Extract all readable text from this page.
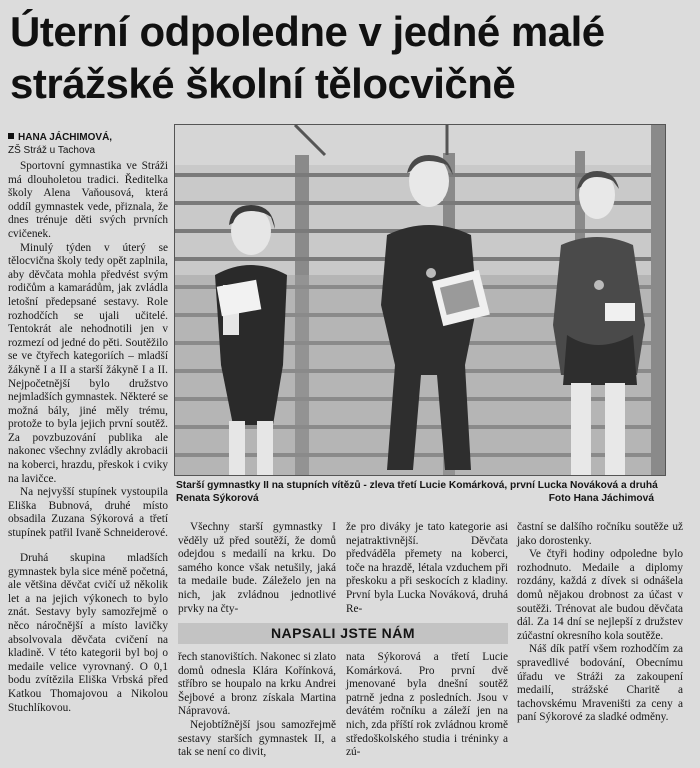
Úterní odpoledne v jedné malé strážské školní tělocvičně
HANA JÁCHIMOVÁ,
ZŠ Stráž u Tachova

Sportovní gymnastika ve Stráži má dlouholetou tradici. Ředitelka školy Alena Vaňousová, která oddíl gymnastek vede, přiznala, že dnes trénuje děti svých prvních cvičenek.

Minulý týden v úterý se tělocvična školy tedy opět zaplnila, aby děvčata mohla předvést svým rodičům a kamarádům, jak zvládla letošní předepsané sestavy. Role rozhodčích se ujali učitelé. Tentokrát ale nehodnotili jen v rozmezí od jedné do pěti. Soutěžilo se ve čtyřech kategoriích – mladší žákyně I a II a starší žákyně I a II. Nejpočetnější bylo družstvo nejmladších gymnastek. Některé se možná bály, jiné měly trému, protože to byla jejich první soutěž. Za povzbuzování publika ale nakonec všechny zvládly akrobacii na koberci, hrazdu, přeskok i cviky na lavičce.

Na nejvyšší stupínek vystoupila Eliška Bubnová, druhé místo obsadila Zuzana Sýkorová a třetí stupínek patřil Ivaně Schneiderové.

Druhá skupina mladších gymnastek byla sice méně početná, ale většina děvčat cvičí už několik let a na jejich výkonech to bylo znát. Sestavy byly samozřejmě o něco náročnější a místo lavičky absolvovala děvčata cvičení na kladině. V této kategorii byl boj o medaile velice vyrovnaný. O 0,1 bodu zvítězila Eliška Vrbská před Katkou Thomajovou a Nikolou Stuchlíkovou.

Starší gymnastky II na stupních vítězů - zleva třetí Lucie Komárková, první Lucka Nováková a druhá
Foto Hana Jáchimová
Renata Sýkorová

Všechny starší gymnastky I věděly už před soutěží, že domů odejdou s medailí na krku. Do samého konce však netušily, jaká ta medaile bude. Záleželo jen na nich, jak zvládnou jednotlivé prvky na čty-

že pro diváky je tato kategorie asi nejatraktivnější. Děvčata předváděla přemety na koberci, toče na hrazdě, létala vzduchem při přeskoku a při seskocích z kladiny. První byla Lucka Nováková, druhá Re-

častní se dalšího ročníku soutěže už jako dorostenky.

Ve čtyři hodiny odpoledne bylo rozhodnuto. Medaile a diplomy rozdány, každá z dívek si odnášela domů nějakou drobnost za účast v soutěži. Trénovat ale budou děvčata dál. Za 14 dní se nejlepší z družstev zúčastní okresního kola soutěže.

Náš dík patří všem rozhodčím za spravedlivé bodování, Obecnímu úřadu ve Stráži za zakoupení medailí, strážské Charitě a tachovskému Mraveništi za ceny a paní Sýkorové za sladké odměny.

NAPSALI JSTE NÁM

řech stanovištích. Nakonec si zlato domů odnesla Klára Kořínková, stříbro se houpalo na krku Andrei Šejbové a bronz získala Martina Nápravová.

Nejobtížnější jsou samozřejmě sestavy starších gymnastek II, a tak se není co divit,

nata Sýkorová a třetí Lucie Komárková. Pro první dvě jmenované byla dnešní soutěž patrně jedna z posledních. Jsou v devátém ročníku a záleží jen na nich, zda příští rok zvládnou kromě středoškolského studia i tréninky a zú-
